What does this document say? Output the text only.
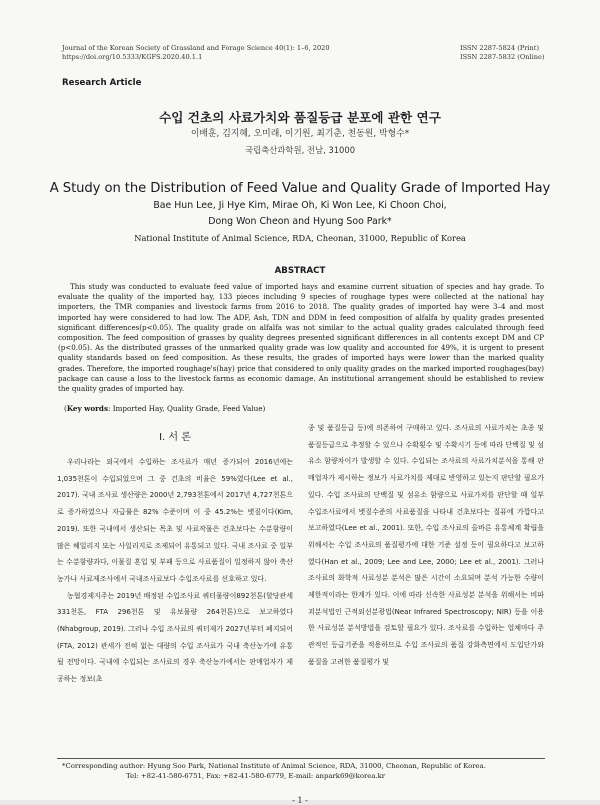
Journal of the Korean Society of Grassland and Forage Science 40(1): 1–6, 2020
https://doi.org/10.5333/KGFS.2020.40.1.1
ISSN 2287-5824 (Print)
ISSN 2287-5832 (Online)
Research Article
수입 건초의 사료가치와 품질등급 분포에 관한 연구
이배훈, 김지혜, 오미래, 이기원, 최기춘, 천동원, 박형수*
국립축산과학원, 전남, 31000
A Study on the Distribution of Feed Value and Quality Grade of Imported Hay
Bae Hun Lee, Ji Hye Kim, Mirae Oh, Ki Won Lee, Ki Choon Choi,
Dong Won Cheon and Hyung Soo Park*
National Institute of Animal Science, RDA, Cheonan, 31000, Republic of Korea
ABSTRACT
This study was conducted to evaluate feed value of imported hays and examine current situation of species and hay grade. To evaluate the quality of the imported hay, 133 pieces including 9 species of roughage types were collected at the national hay importers, the TMR companies and livestock farms from 2016 to 2018. The quality grades of imported hay were 3–4 and most imported hay were considered to had low. The ADF, Ash, TDN and DDM in feed composition of alfalfa by quality grades presented significant differences(p<0.05). The quality grade on alfalfa was not similar to the actual quality grades calculated through feed composition. The feed composition of grasses by quality degrees presented significant differences in all contents except DM and CP (p<0.05). As the distributed grasses of the unmarked quality grade was low quality and accounted for 49%, it is urgent to present quality standards based on feed composition. As these results, the grades of imported hays were lower than the marked quality grades. Therefore, the imported roughage's(hay) price that considered to only quality grades on the marked imported roughages(bay) package can cause a loss to the livestock farms as economic damage. An institutional arrangement should be established to review the quality grades of imported hay.
(Key words: Imported Hay, Quality Grade, Feed Value)
Ⅰ. 서 론

우리나라는 외국에서 수입하는 조사료가 매년 증가되어 2016년에는 1,035천톤이 수입되었으며 그 중 건초의 비율은 59%였다(Lee et al., 2017). 국내 조사료 생산량은 2000년 2,793천톤에서 2017년 4,727천톤으로 증가하였으나 자급률은 82% 수준이며 이 중 45.2%는 볏짚이다(Kim, 2019). 또한 국내에서 생산되는 목초 및 사료작물은 건초보다는 수분함량이 많은 헤일리지 또는 사일리지로 조제되어 유통되고 있다. 국내 조사료 중 일부는 수분함량과다, 이물질 혼입 및 부패 등으로 사료품질이 일정하지 않아 축산농가나 사료제조사에서 국내조사료보다 수입조사료를 선호하고 있다.

농협경제지주는 2019년 배정된 수입조사료 쿼터물량이892천톤(할당관세 331천톤, FTA 296천톤 및 유보물량 264천톤)으로 보고하였다(Nhabgroup, 2019). 그러나 수입 조사료의 쿼터제가 2027년부터 폐지되어(FTA, 2012) 관세가 전혀 없는 대량의 수입 조사료가 국내 축산농가에 유통 될 전망이다. 국내에 수입되는 조사료의 경우 축산농가에서는 판매업자가 제공하는 정보(초

종 및 품질등급 등)에 의존하여 구매하고 있다. 조사료의 사료가치는 초종 및 품질등급으로 추정할 수 있으나 수확횟수 및 수확시기 등에 따라 단백질 및 섬유소 함량차이가 발생할 수 있다. 수입되는 조사료의 사료가치분석을 통해 판매업자가 제시하는 정보가 사료가치를 제대로 반영하고 있는지 판단할 필요가 있다. 수입 조사료의 단백질 및 섬유소 함량으로 사료가치를 판단할 때 일부 수입조사료에서 볏짚수준의 사료품질을 나타내 건초보다는 질퓨에 가깝다고 보고하였다(Lee et al., 2001). 또한, 수입 조사료의 올바른 유통체계 확립을 위해서는 수입 조사료의 품질평가에 대한 기준 설정 등이 필요하다고 보고하였다(Han et al., 2009; Lee and Lee, 2000; Lee et al., 2001). 그러나 조사료의 화학적 사료성분 분석은 많은 시간이 소요되며 분석 가능한 수량이 제한적이라는 한계가 있다. 이에 따라 신속한 사료성분 분석을 위해서는 비파괴분석법인 근적외선분광법(Near Infrared Spectroscopy; NIR) 등을 이용한 사료성분 분석방법을 검토할 필요가 있다. 조사료를 수입하는 업체마다 주관적인 등급기준을 적용하므로 수입 조사료의 품질 강화측면에서 도입단가와 품질을 고려한 품질평가 및

*Corresponding author: Hyung Soo Park, National Institute of Animal Science, RDA, 31000, Cheonan, Republic of Korea.
Tel: +82-41-580-6751, Fax: +82-41-580-6779, E-mail: anpark69@korea.kr
- 1 -
